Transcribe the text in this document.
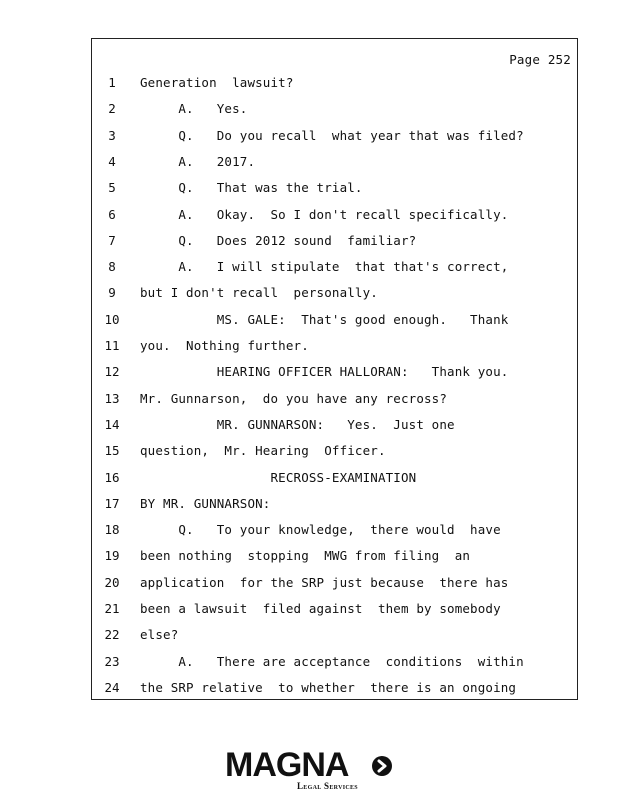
Page 252
1	Generation  lawsuit?
2	A.   Yes.
3	Q.   Do you recall  what year that was filed?
4	A.   2017.
5	Q.   That was the trial.
6	A.   Okay.  So I don't recall specifically.
7	Q.   Does 2012 sound  familiar?
8	A.   I will stipulate  that that's correct,
9	but I don't recall  personally.
10 MS. GALE:  That's good enough.   Thank
11 you.  Nothing further.
12 HEARING OFFICER HALLORAN:   Thank you.
13 Mr. Gunnarson,  do you have any recross?
14 MR. GUNNARSON:   Yes.  Just one
15 question,  Mr. Hearing  Officer.
16 RECROSS-EXAMINATION
17 BY MR. GUNNARSON:
18 Q.   To your knowledge,  there would  have
19 been nothing  stopping  MWG from filing  an
20 application  for the SRP just because  there has
21 been a lawsuit  filed against  them by somebody
22 else?
23 A.   There are acceptance  conditions  within
24 the SRP relative  to whether  there is an ongoing
MAGNA
Legal Services
